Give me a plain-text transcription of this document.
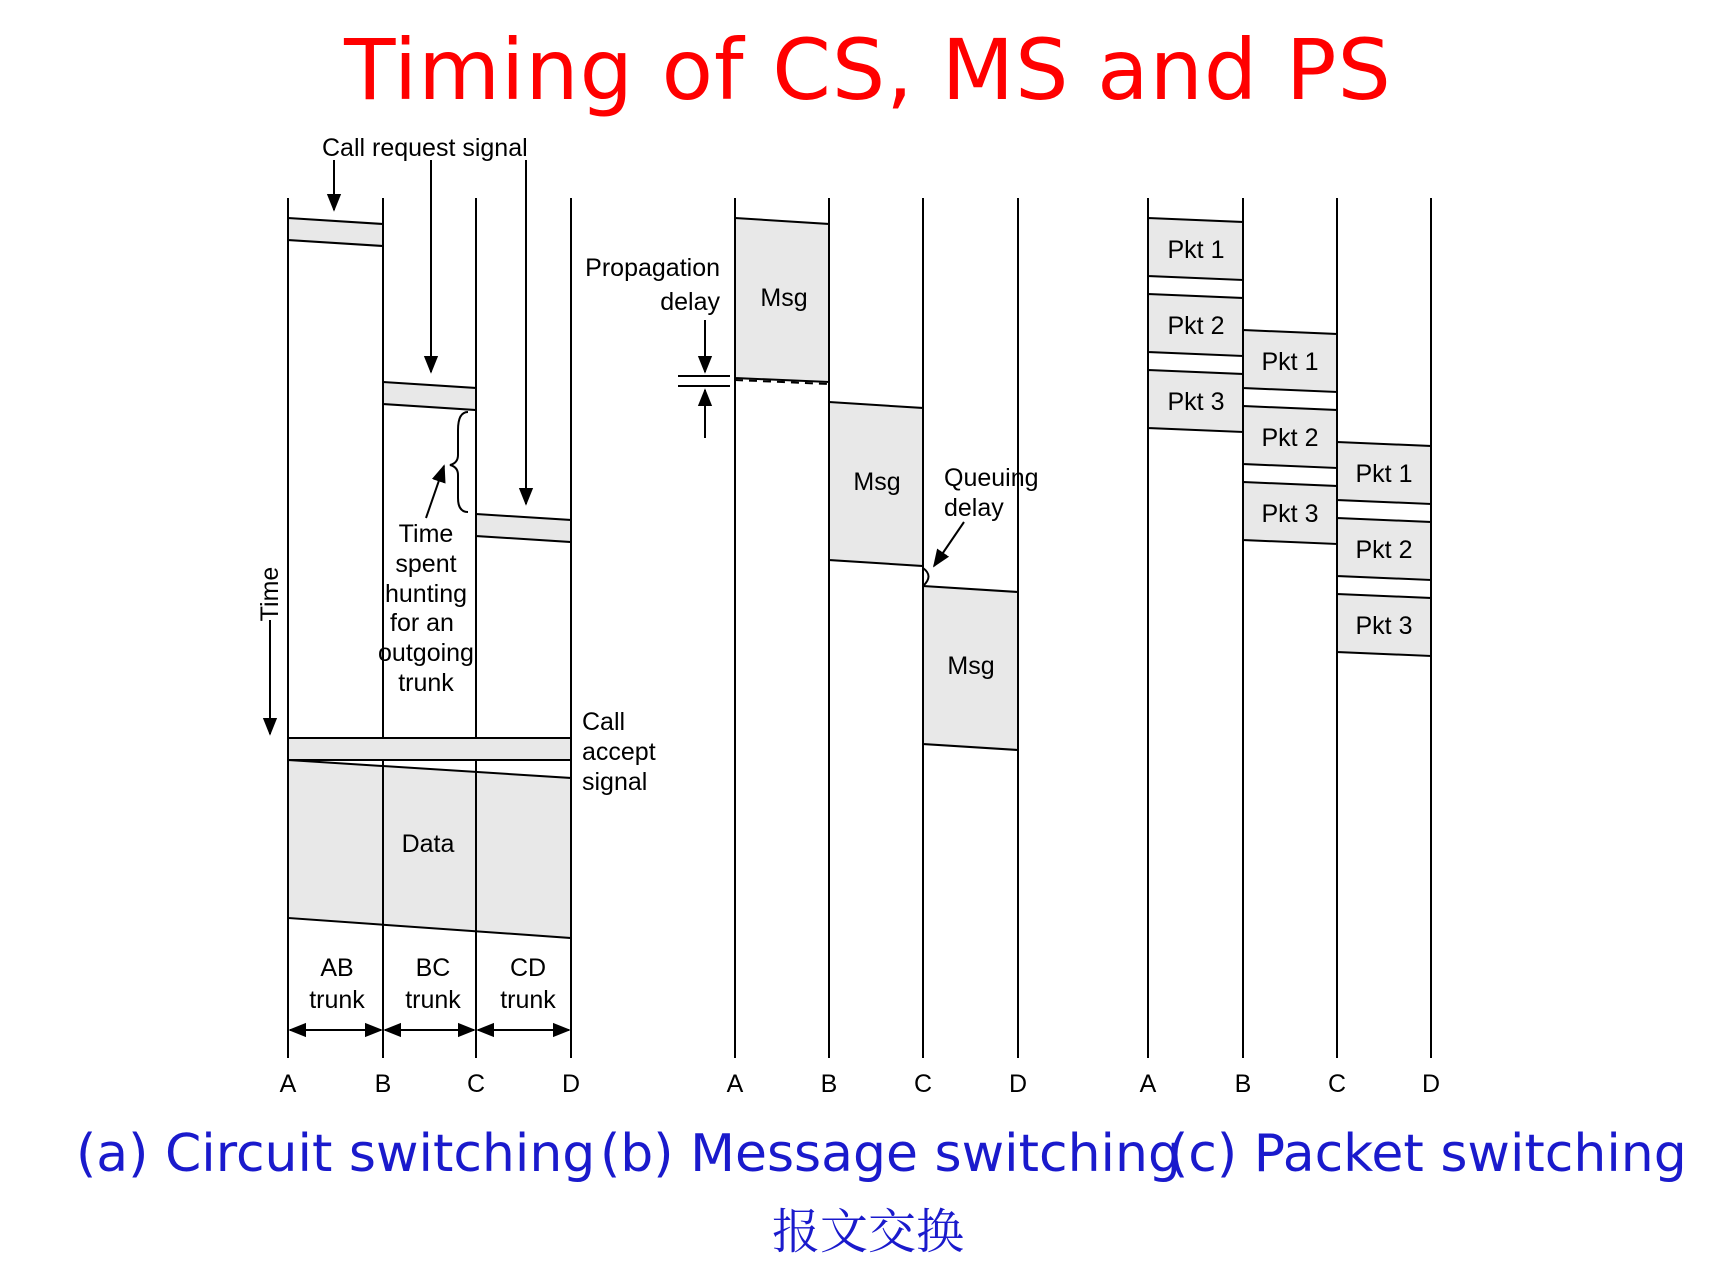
Timing of CS, MS and PS
Call request signal
Time
spent
hunting
for an
outgoing
trunk
Call
accept
signal
Data
Time
AB
trunk
BC
trunk
CD
trunk
A	B	C	D
Propagation
delay Msg
Msg
Msg
Queuing
delay
A	B	C	D
Pkt 1
Pkt 2
Pkt 3
Pkt 1
Pkt 2
Pkt 3
Pkt 1
Pkt 2
Pkt 3
A	B	C	D
(a) Circuit switching (b) Message switching
(c) Packet switching
报文交换
